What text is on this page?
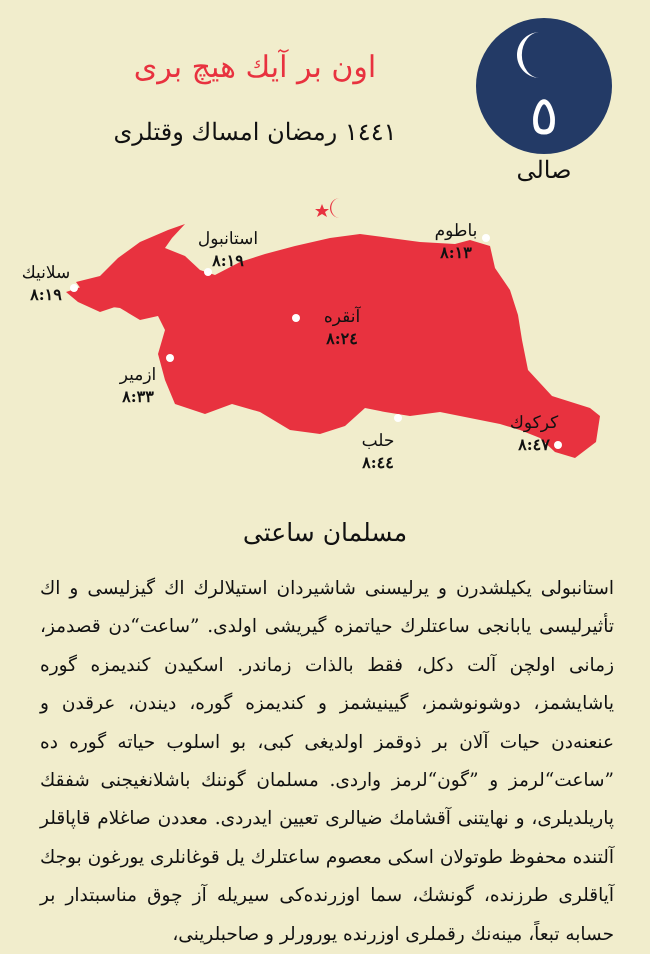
اون بر آیك هیچ بری
١٤٤١ رمضان امساك وقتلری	٥
صالی
سلانیك
٨:١٩
استانبول
٨:١٩
باطوم
٨:١٣
آنقره
٨:٢٤
ازمیر
٨:٣٣
حلب
٨:٤٤
كركوك
٨:٤٧
مسلمان ساعتی

استانبولی یكیلشدرن و یرلیسنی شاشیردان استیلالرك اك گیزلیسی و اك تأثیرلیسی یابانجی ساعتلرك حیاتمزه گیریشی اولدی. ”ساعت“دن قصدمز، زمانی اولچن آلت دكل، فقط بالذات زماندر. اسكیدن كندیمزه گوره یاشایشمز، دوشونوشمز، گیینیشمز و كندیمزه گوره، دیندن، عرقدن و عنعنه‌دن حیات آلان بر ذوقمز اولدیغی كبی، بو اسلوب حیاته گوره ده ”ساعت“لرمز و ”گون“لرمز واردی. مسلمان گوننك باشلانغیجنی شفقك پاریلدیلری، و نهایتنی آقشامك ضیالری تعیین ایدردی. معددن صاغلام قاپاقلر آلتنده محفوظ طوتولان اسكی معصوم ساعتلرك یل قوغانلری یورغون بوجك آیاقلری طرزنده، گونشك، سما اوزرنده‌كی سیریله آز چوق مناسبتدار بر حسابه تبعاً، مینه‌نك رقملری اوزرنده یورورلر و صاحبلرینی،
